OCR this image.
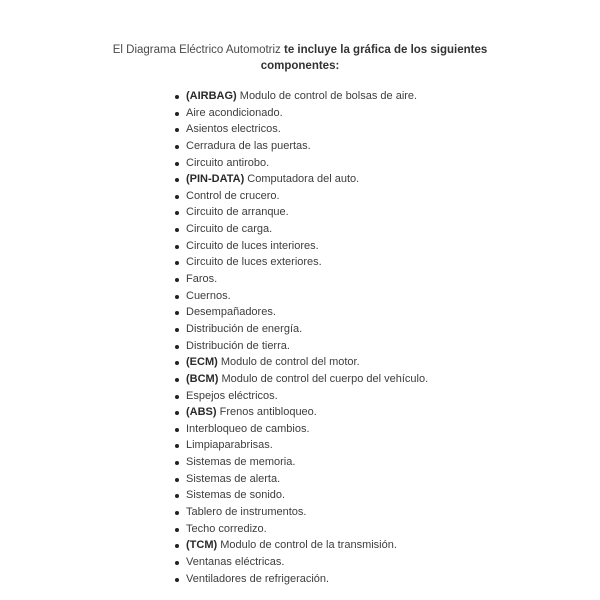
El Diagrama Eléctrico Automotriz te incluye la gráfica de los siguientes
componentes:

(AIRBAG) Modulo de control de bolsas de aire.
Aire acondicionado.
Asientos electricos.
Cerradura de las puertas.
Circuito antirobo.
(PIN-DATA) Computadora del auto.
Control de crucero.
Circuito de arranque.
Circuito de carga.
Circuito de luces interiores.
Circuito de luces exteriores.
Faros.
Cuernos.
Desempañadores.
Distribución de energía.
Distribución de tierra.
(ECM) Modulo de control del motor.
(BCM) Modulo de control del cuerpo del vehículo.
Espejos eléctricos.
(ABS) Frenos antibloqueo.
Interbloqueo de cambios.
Limpiaparabrisas.
Sistemas de memoria.
Sistemas de alerta.
Sistemas de sonido.
Tablero de instrumentos.
Techo corredizo.
(TCM) Modulo de control de la transmisión.
Ventanas eléctricas.
Ventiladores de refrigeración.
